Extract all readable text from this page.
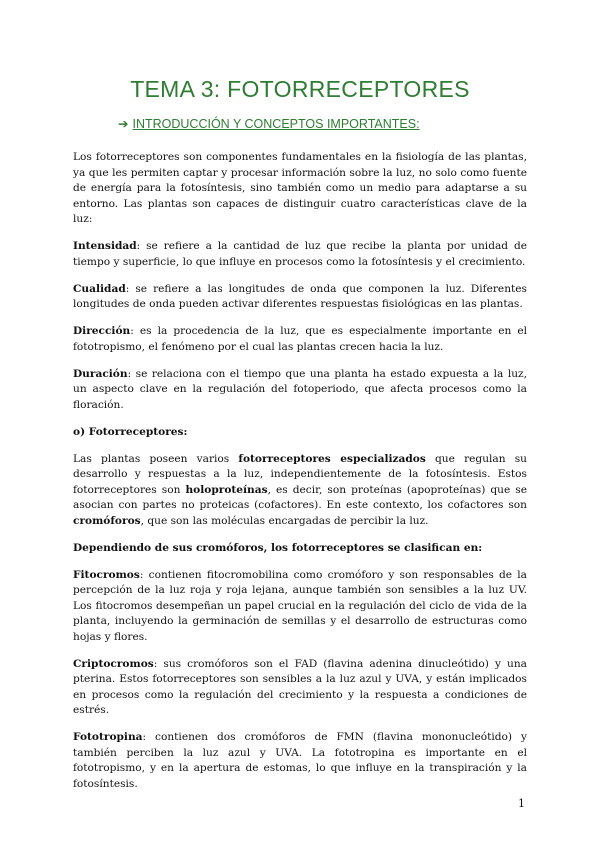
TEMA 3: FOTORRECEPTORES
➔ INTRODUCCIÓN Y CONCEPTOS IMPORTANTES:

Los fotorreceptores son componentes fundamentales en la fisiología de las plantas, ya que les permiten captar y procesar información sobre la luz, no solo como fuente de energía para la fotosíntesis, sino también como un medio para adaptarse a su entorno. Las plantas son capaces de distinguir cuatro características clave de la luz:

Intensidad: se refiere a la cantidad de luz que recibe la planta por unidad de tiempo y superficie, lo que influye en procesos como la fotosíntesis y el crecimiento.

Cualidad: se refiere a las longitudes de onda que componen la luz. Diferentes longitudes de onda pueden activar diferentes respuestas fisiológicas en las plantas.

Dirección: es la procedencia de la luz, que es especialmente importante en el fototropismo, el fenómeno por el cual las plantas crecen hacia la luz.

Duración: se relaciona con el tiempo que una planta ha estado expuesta a la luz, un aspecto clave en la regulación del fotoperiodo, que afecta procesos como la floración.

o) Fotorreceptores:

Las plantas poseen varios fotorreceptores especializados que regulan su desarrollo y respuestas a la luz, independientemente de la fotosíntesis. Estos fotorreceptores son holoproteínas, es decir, son proteínas (apoproteínas) que se asocian con partes no proteicas (cofactores). En este contexto, los cofactores son cromóforos, que son las moléculas encargadas de percibir la luz.

Dependiendo de sus cromóforos, los fotorreceptores se clasifican en:

Fitocromos: contienen fitocromobilina como cromóforo y son responsables de la percepción de la luz roja y roja lejana, aunque también son sensibles a la luz UV. Los fitocromos desempeñan un papel crucial en la regulación del ciclo de vida de la planta, incluyendo la germinación de semillas y el desarrollo de estructuras como hojas y flores.

Criptocromos: sus cromóforos son el FAD (flavina adenina dinucleótido) y una pterina. Estos fotorreceptores son sensibles a la luz azul y UVA, y están implicados en procesos como la regulación del crecimiento y la respuesta a condiciones de estrés.

Fototropina: contienen dos cromóforos de FMN (flavina mononucleótido) y también perciben la luz azul y UVA. La fototropina es importante en el fototropismo, y en la apertura de estomas, lo que influye en la transpiración y la fotosíntesis.

1
